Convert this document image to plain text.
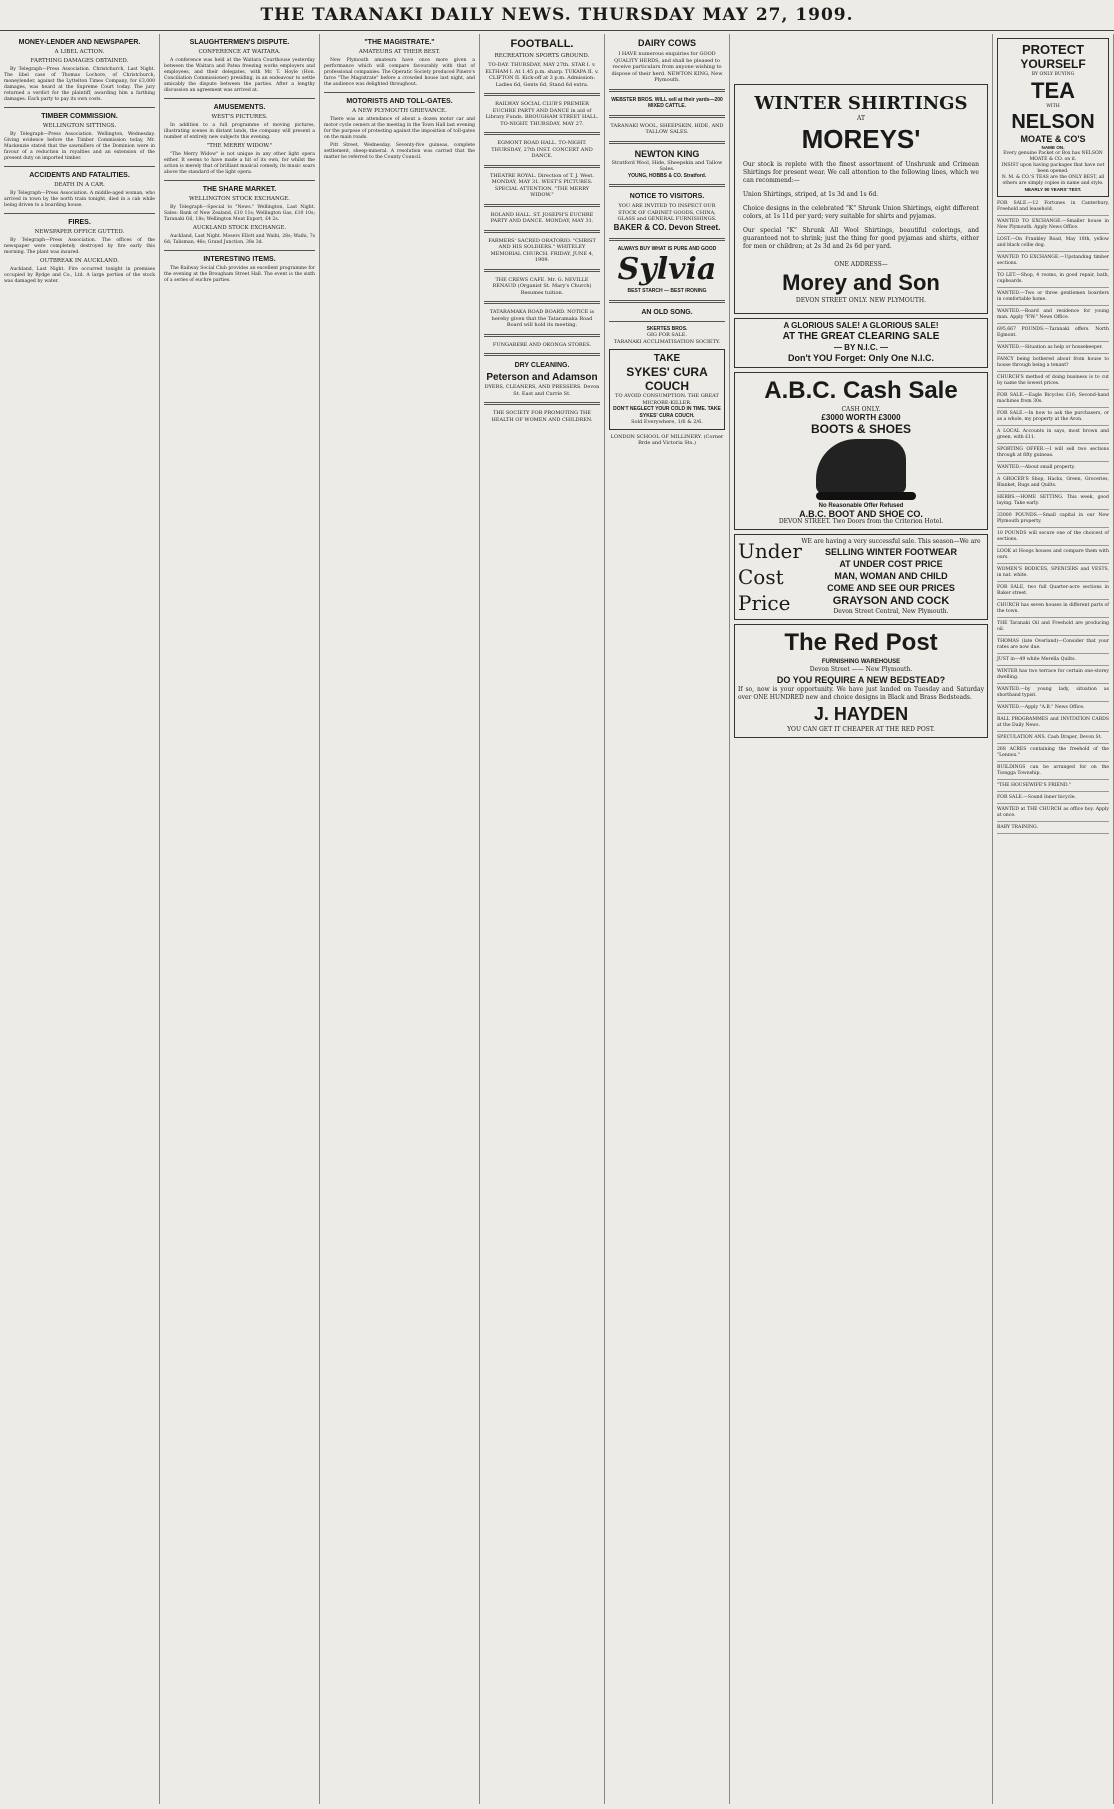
THE TARANAKI DAILY NEWS. THURSDAY MAY 27, 1909.
MONEY-LENDER AND NEWSPAPER.
A LIBEL ACTION.
FARTHING DAMAGES OBTAINED.

By Telegraph—Press Association. Christchurch, Last Night. The libel case of Thomas Lochore, of Christchurch, moneylender, against the Lyttelton Times Company, for £3,000 damages, was heard at the Supreme Court today. The jury returned a verdict for the plaintiff, awarding him a farthing damages. Each party to pay its own costs.

TIMBER COMMISSION.
WELLINGTON SITTINGS.

By Telegraph—Press Association. Wellington, Wednesday. Giving evidence before the Timber Commission today, Mr. Mackenzie stated that the sawmillers of the Dominion were in favour of a reduction in royalties and an extension of the present duty on imported timber.

ACCIDENTS AND FATALITIES.
DEATH IN A CAR.

By Telegraph—Press Association. A middle-aged woman, who arrived in town by the north train tonight, died in a cab while being driven to a boarding house.

FIRES.
NEWSPAPER OFFICE GUTTED.

By Telegraph—Press Association. The offices of the newspaper were completely destroyed by fire early this morning. The plant was insured.

OUTBREAK IN AUCKLAND.

Auckland, Last Night. Fire occurred tonight in premises occupied by Rydge and Co., Ltd. A large portion of the stock was damaged by water.

SLAUGHTERMEN'S DISPUTE.
CONFERENCE AT WAITARA.

A conference was held at the Waitara Courthouse yesterday between the Waitara and Patea freezing works employers and employees, and their delegates, with Mr. T. Hoyle (Hon. Conciliation Commissioner) presiding, in an endeavour to settle amicably the dispute between the parties. After a lengthy discussion an agreement was arrived at.

AMUSEMENTS.
WEST'S PICTURES.

In addition to a full programme of moving pictures, illustrating scenes in distant lands, the company will present a number of entirely new subjects this evening.

"THE MERRY WIDOW."

"The Merry Widow" is not unique in any other light opera either. It seems to have made a hit of its own, for whilst the action is merely that of brilliant musical comedy, its music soars above the standard of the light opera.

THE SHARE MARKET.
WELLINGTON STOCK EXCHANGE.

By Telegraph—Special to "News." Wellington, Last Night. Sales: Bank of New Zealand, £10 11s; Wellington Gas, £10 10s; Taranaki Oil, 18s; Wellington Meat Export, £4 2s.

AUCKLAND STOCK EXCHANGE.

Auckland, Last Night. Mosers Ellott and Waihi, 28s; Waihi, 7s 6d; Talisman, 46s; Grand Junction, 38s 3d.

INTERESTING ITEMS.

The Railway Social Club provides an excellent programme for the evening at the Brougham Street Hall. The event is the sixth of a series of euchre parties.

"THE MAGISTRATE."
AMATEURS AT THEIR BEST.

New Plymouth amateurs have once more given a performance which will compare favourably with that of professional companies. The Operatic Society produced Pinero's farce "The Magistrate" before a crowded house last night, and the audience was delighted throughout.

MOTORISTS AND TOLL-GATES.
A NEW PLYMOUTH GRIEVANCE.

There was an attendance of about a dozen motor car and motor cycle owners at the meeting in the Town Hall last evening for the purpose of protesting against the imposition of toll-gates on the main roads.

Pitt Street, Wednesday, Seventy-five guineas, complete settlement, sheep-mineral. A resolution was carried that the matter be referred to the County Council.

FOOTBALL.
RECREATION SPORTS GROUND.
TO-DAY. THURSDAY, MAY 27th. STAR I. v. ELTHAM I. At 1.45 p.m. sharp. TUKAPA II. v. CLIFTON II. Kick-off at 3 p.m. Admission: Ladies 6d, Gents 6d, Stand 6d extra.
RAILWAY SOCIAL CLUB'S PREMIER EUCHRE PARTY AND DANCE in aid of Library Funds. BROUGHAM STREET HALL. TO-NIGHT. THURSDAY, MAY 27.
EGMONT ROAD HALL. TO-NIGHT. THURSDAY, 27th INST. CONCERT AND DANCE.
THEATRE ROYAL. Direction of T. J. West. MONDAY, MAY 31. WEST'S PICTURES. SPECIAL ATTENTION. "THE MERRY WIDOW."
ROLAND HALL. ST. JOSEPH'S EUCHRE PARTY AND DANCE. MONDAY, MAY 31.
FARMERS' SACRED ORATORIO. "CHRIST AND HIS SOLDIERS." WHITELEY MEMORIAL CHURCH. FRIDAY, JUNE 4, 1909.
THE CREWS CAFE. Mr. G. NEVILLE RENAUD (Organist St. Mary's Church) Resumes tuition.
TATARAMAKA ROAD BOARD. NOTICE is hereby given that the Tataramaka Road Board will hold its meeting.
FUNGARERE AND OKONGA STORES.
DRY CLEANING.
Peterson and Adamson
DYERS, CLEANERS, AND PRESSERS. Devon St. East and Currie St.
THE SOCIETY FOR PROMOTING THE HEALTH OF WOMEN AND CHILDREN.
DAIRY COWS
I HAVE numerous enquiries for GOOD QUALITY HERDS, and shall be pleased to receive particulars from anyone wishing to dispose of their herd. NEWTON KING, New Plymouth.
WEBSTER BROS. WILL sell at their yards—200 MIXED CATTLE.
TARANAKI WOOL, SHEEPSKIN, HIDE, AND TALLOW SALES.
NEWTON KING
Stratford Wool, Hide, Sheepskin and Tallow Sales.
YOUNG, HOBBS & CO. Stratford.
NOTICE TO VISITORS.
YOU ARE INVITED TO INSPECT OUR STOCK OF CABINET GOODS, CHINA, GLASS and GENERAL FURNISHINGS.
BAKER & CO. Devon Street.
ALWAYS BUY WHAT IS PURE AND GOOD
Sylvia
BEST STARCH — BEST IRONING
AN OLD SONG.
SKERTES BROS.
GIG FOR SALE.
TARANAKI ACCLIMATISATION SOCIETY.
TAKE
SYKES' CURA COUCH
TO AVOID CONSUMPTION. THE GREAT MICROBE-KILLER.
DON'T NEGLECT YOUR COLD IN TIME. TAKE SYKES' CURA COUCH.
Sold Everywhere, 1/6 & 2/6.
LONDON SCHOOL OF MILLINERY. (Corner Brde and Victoria Sts.)
WINTER SHIRTINGS
AT
MOREYS'
Our stock is replete with the finest assortment of Unshrunk and Crimean Shirtings for present wear. We call attention to the following lines, which we can recommend:—
Union Shirtings, striped, at 1s 3d and 1s 6d.
Choice designs in the celebrated "K" Shrunk Union Shirtings, eight different colors, at 1s 11d per yard; very suitable for shirts and pyjamas.
Our special "K" Shrunk All Wool Shirtings, beautiful colorings, and guaranteed not to shrink; just the thing for good pyjamas and shirts, either for men or children; at 2s 3d and 2s 6d per yard.
ONE ADDRESS—
Morey and Son
DEVON STREET ONLY. NEW PLYMOUTH.
A GLORIOUS SALE! A GLORIOUS SALE!
AT THE GREAT CLEARING SALE
— BY N.I.C. —
Don't YOU Forget: Only One N.I.C.
A.B.C. Cash Sale
CASH ONLY.
£3000 WORTH £3000
BOOTS & SHOES
No Reasonable Offer Refused
A.B.C. BOOT AND SHOE CO.
DEVON STREET. Two Doors from the Criterion Hotel.
Under Cost Price
WE are having a very successful sale. This season—We are
SELLING WINTER FOOTWEAR
AT UNDER COST PRICE
MAN, WOMAN AND CHILD
COME AND SEE OUR PRICES
GRAYSON AND COCK
Devon Street Central, New Plymouth.
The Red Post
FURNISHING WAREHOUSE
Devon Street —— New Plymouth.
DO YOU REQUIRE A NEW BEDSTEAD?
If so, now is your opportunity. We have just landed on Tuesday and Saturday over ONE HUNDRED new and choice designs in Black and Brass Bedsteads.
J. HAYDEN
YOU CAN GET IT CHEAPER AT THE RED POST.
PROTECT
YOURSELF
BY ONLY BUYING
TEA
WITH
NELSON
MOATE & CO'S
NAME ON.
Every genuine Packet or Box has NELSON MOATE & CO. on it.
INSIST upon having packages that have not been opened.
N. M. & CO.'S TEAS are the ONLY BEST, all others are simply copies in name and style.
NEARLY 90 YEARS' TEST.
FOR SALE.—12 Fortunes in Canterbury, Freehold and leasehold.
WANTED TO EXCHANGE.—Smaller house in New Plymouth. Apply News Office.
LOST.—On Frankley Road, May 18th, yellow and black collie dog.
WANTED TO EXCHANGE.—Upstanding timber sections.
TO LET.—Shop, 4 rooms, in good repair, bath, cupboards.
WANTED.—Two or three gentlemen boarders in comfortable home.
WANTED.—Board and residence for young man. Apply "P.W." News Office.
695,667 POUNDS.—Taranaki offers. North Egmont.
WANTED.—Situation as help or housekeeper.
FANCY being bothered about from house to house through being a tenant?
CHURCH'S method of doing business is to cut by name the lowest prices.
FOR SALE.—Eagle Bicycles £16; Second-hand machines from 30s.
FOR SALE.—In how to ask the purchasers, or as a whole, my property at the Avon.
A LOCAL Accounts in says, most brown and green, with £11.
SPORTING OFFER.—I will sell two sections through at fifty guineas.
WANTED.—About small property.
A GROCER'S Shop, Hacks, Green, Groceries, Blanket, Rugs and Quilts.
HERBS.—HOME SETTING. This week, good laying. Take early.
33000 POUNDS.—Small capital in our New Plymouth property.
10 POUNDS will secure one of the choicest of sections.
LOOK at Hoogs houses and compare them with ours.
WOMEN'S BODICES, SPENCERS and VESTS, in nat. white.
FOR SALE, two full Quarter-acre sections in Baker street.
CHURCH has seven houses in different parts of the town.
THE Taranaki Oil and Freehold are producing oil.
THOMAS (late Overland)—Consider that your rates are now due.
JUST in—49 white Merella Quilts.
WINTER has two terrace for certain one-storey dwelling.
WANTED.—by young lady, situation as shorthand typist.
WANTED.—Apply "A.B." News Office.
BALL PROGRAMMES and INVITATION CARDS at the Daily News.
SPECULATION ANS. Cash Draper, Devon St.
268 ACRES containing the freehold of the "Lennox."
BUILDINGS can be arranged for on the Tiongga Township.
"THE HOUSEWIFE'S FRIEND."
FOR SALE.—Sound Inner bicycle.
WANTED at THE CHURCH as office boy. Apply at once.
BABY TRAINING.
